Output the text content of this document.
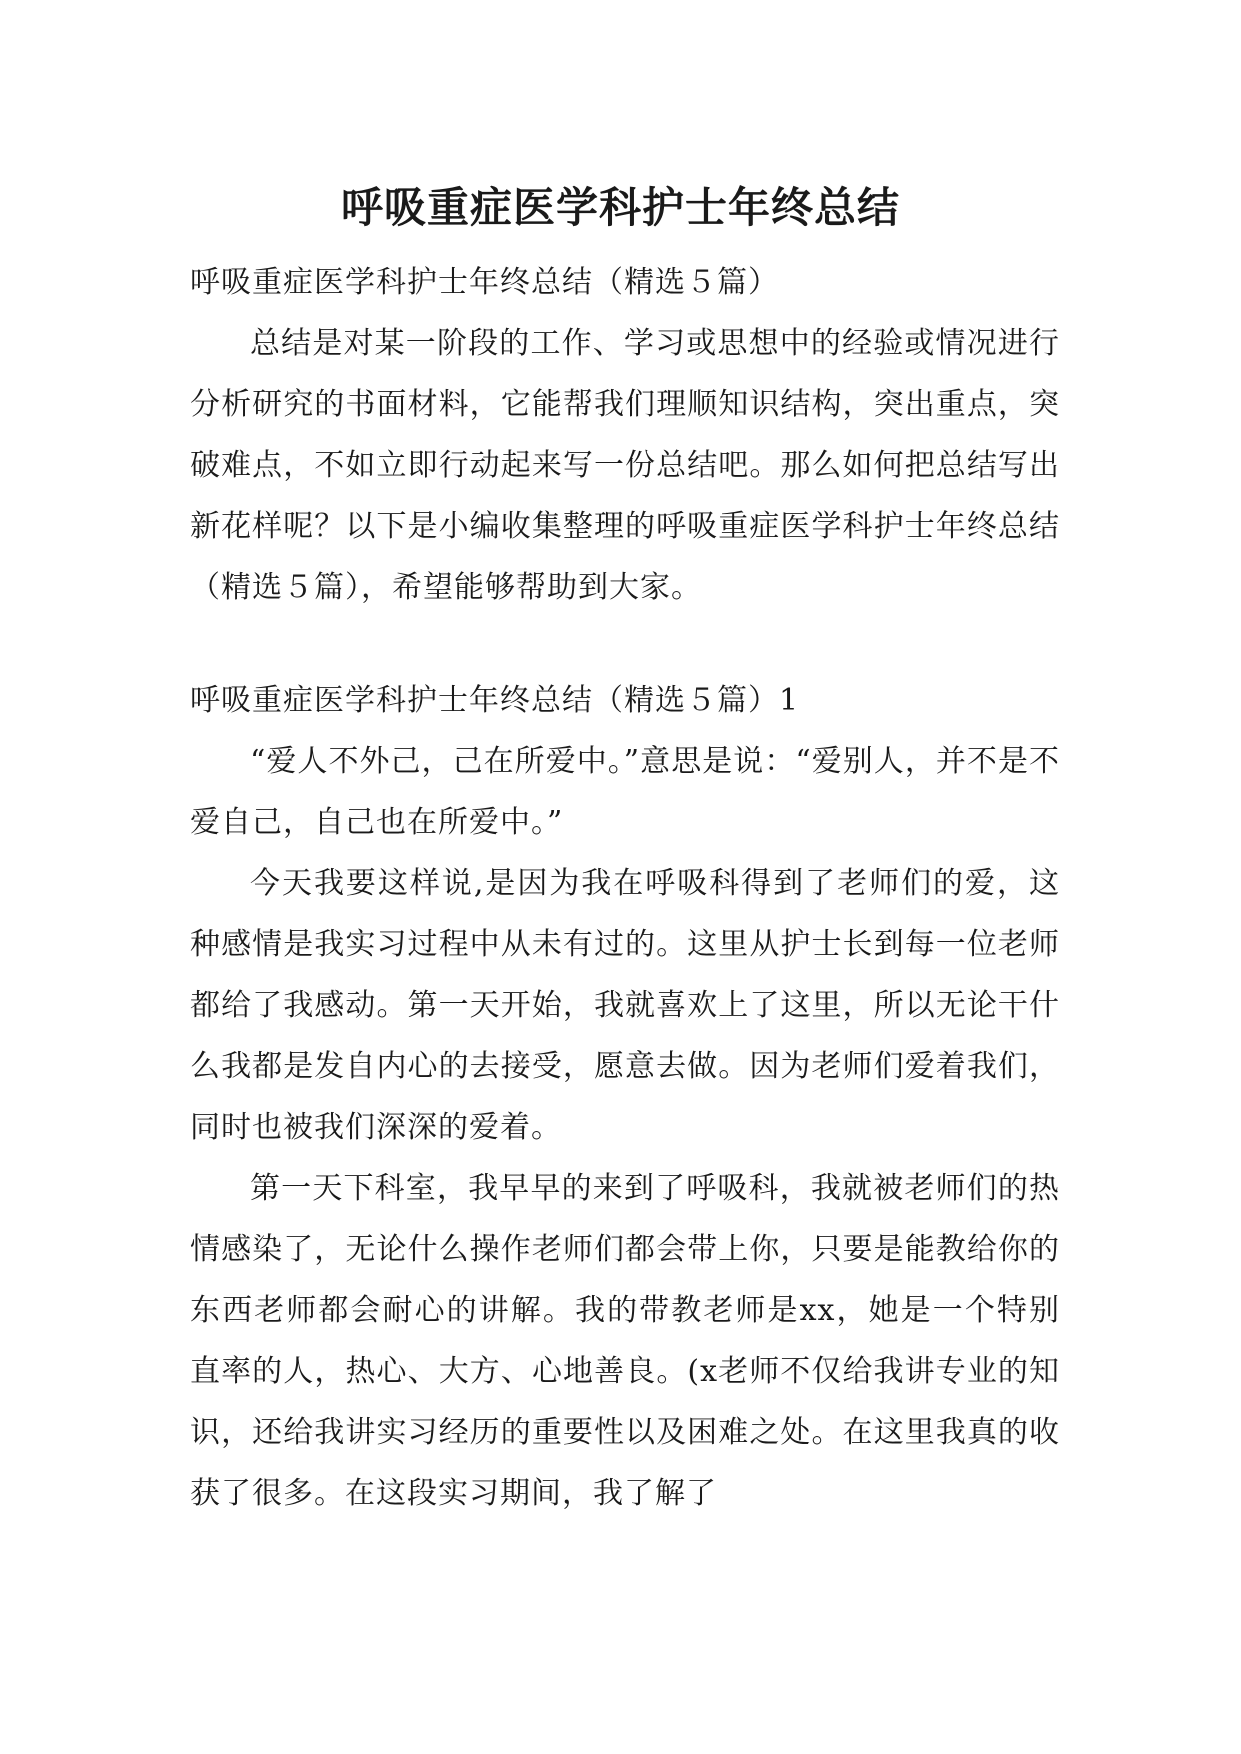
呼吸重症医学科护士年终总结

呼吸重症医学科护士年终总结（精选５篇）

总结是对某一阶段的工作、学习或思想中的经验或情况进行分析研究的书面材料，它能帮我们理顺知识结构，突出重点，突破难点，不如立即行动起来写一份总结吧。那么如何把总结写出新花样呢？以下是小编收集整理的呼吸重症医学科护士年终总结（精选５篇），希望能够帮助到大家。

呼吸重症医学科护士年终总结（精选５篇）1

“爱人不外己，己在所爱中。”意思是说：“爱别人，并不是不爱自己，自己也在所爱中。”

今天我要这样说,是因为我在呼吸科得到了老师们的爱，这种感情是我实习过程中从未有过的。这里从护士长到每一位老师都给了我感动。第一天开始，我就喜欢上了这里，所以无论干什么我都是发自内心的去接受，愿意去做。因为老师们爱着我们，同时也被我们深深的爱着。

第一天下科室，我早早的来到了呼吸科，我就被老师们的热情感染了，无论什么操作老师们都会带上你，只要是能教给你的东西老师都会耐心的讲解。我的带教老师是xx，她是一个特别直率的人，热心、大方、心地善良。(x老师不仅给我讲专业的知识，还给我讲实习经历的重要性以及困难之处。在这里我真的收获了很多。在这段实习期间，我了解了
